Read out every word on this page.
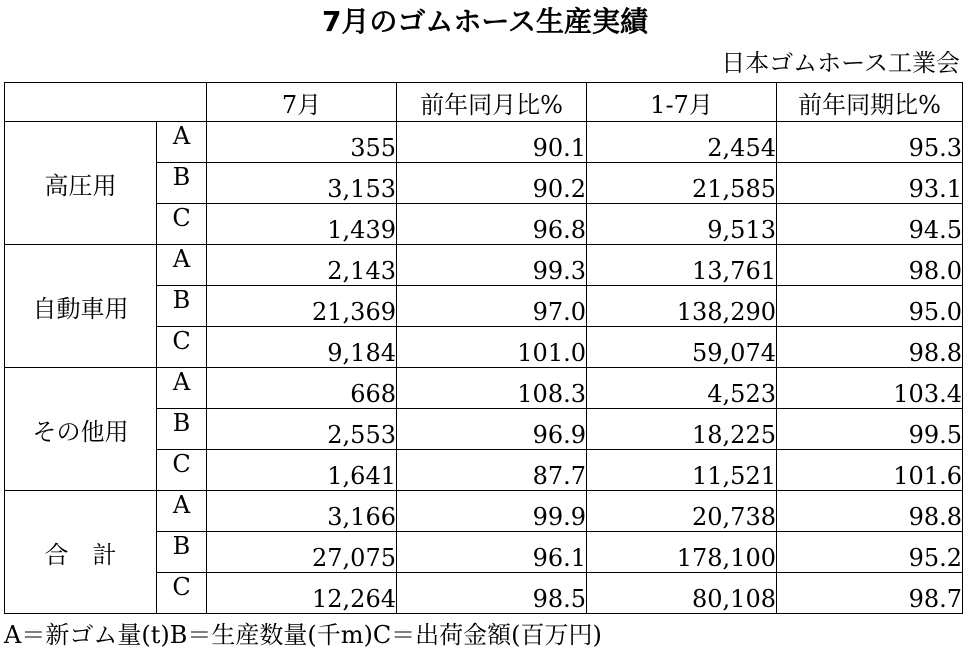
7月のゴムホース生産実績
日本ゴムホース工業会
		7月	前年同月比%	1-7月	前年同期比%
高圧用	A	355	90.1	2,454	95.3
	B	3,153	90.2	21,585	93.1
	C	1,439	96.8	9,513	94.5
自動車用	A	2,143	99.3	13,761	98.0
	B	21,369	97.0	138,290	95.0
	C	9,184	101.0	59,074	98.8
その他用	A	668	108.3	4,523	103.4
	B	2,553	96.9	18,225	99.5
	C	1,641	87.7	11,521	101.6
合　計	A	3,166	99.9	20,738	98.8
	B	27,075	96.1	178,100	95.2
	C	12,264	98.5	80,108	98.7
A＝新ゴム量(t)B＝生産数量(千m)C＝出荷金額(百万円)
